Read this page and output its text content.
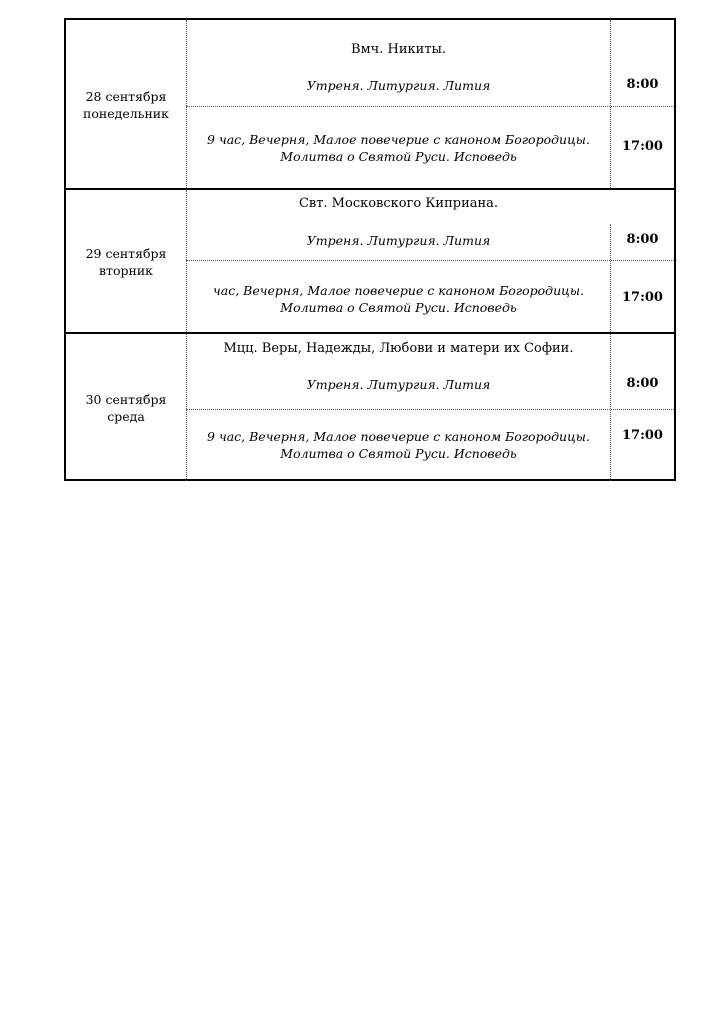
28 сентября
понедельник
Вмч. Никиты.
Утреня. Литургия. Лития
9 час, Вечерня, Малое повечерие с каноном Богородицы.
Молитва о Святой Руси. Исповедь
8:00
17:00
29 сентября
вторник
Свт. Московского Киприана.
Утреня. Литургия. Лития
час, Вечерня, Малое повечерие с каноном Богородицы.
Молитва о Святой Руси. Исповедь
8:00
17:00
30 сентября
среда
Мцц. Веры, Надежды, Любови и матери их Софии.
Утреня. Литургия. Лития
9 час, Вечерня, Малое повечерие с каноном Богородицы.
Молитва о Святой Руси. Исповедь
8:00
17:00
